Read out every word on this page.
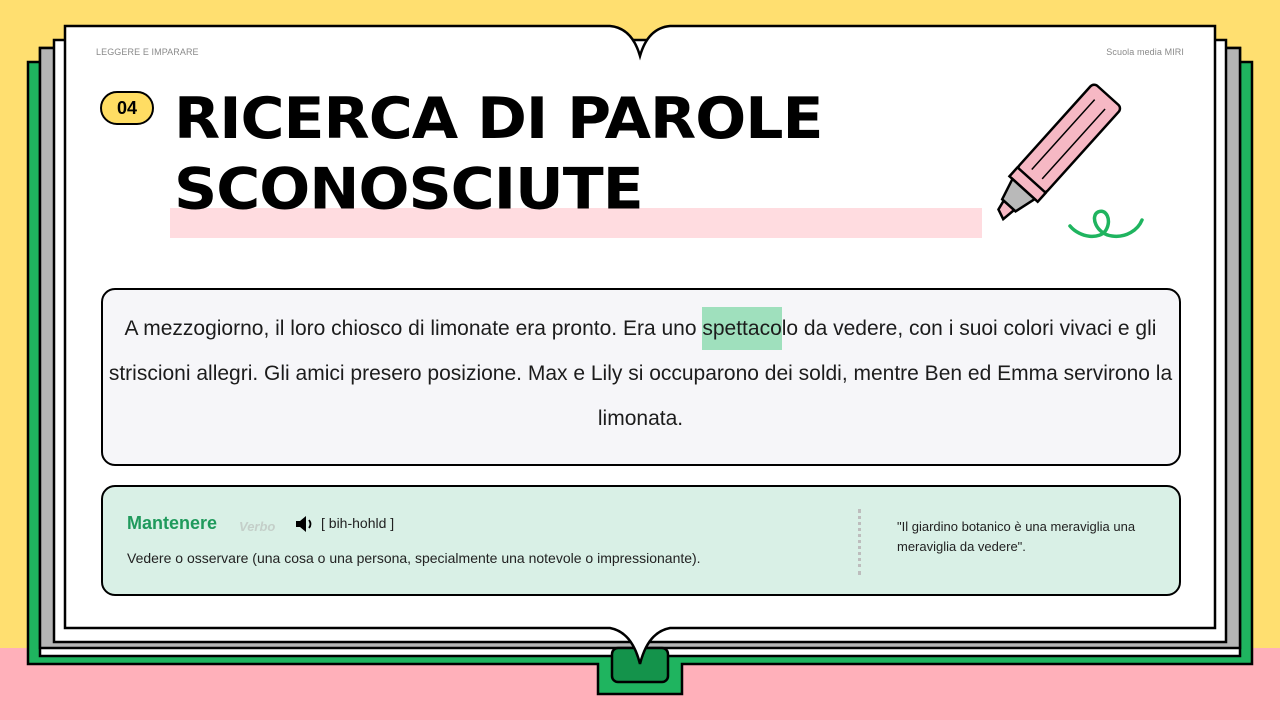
LEGGERE E IMPARARE	Scuola media MIRI
04 RICERCA DI PAROLE
SCONOSCIUTE

A mezzogiorno, il loro chiosco di limonate era pronto. Era uno spettacolo da vedere, con i suoi colori vivaci e gli striscioni allegri. Gli amici presero posizione. Max e Lily si occuparono dei soldi, mentre Ben ed Emma servirono la limonata.

Mantenere Verbo	[ bih-hohld ]
Vedere o osservare (una cosa o una persona, specialmente una notevole o impressionante).

"Il giardino botanico è una meraviglia una meraviglia da vedere".
